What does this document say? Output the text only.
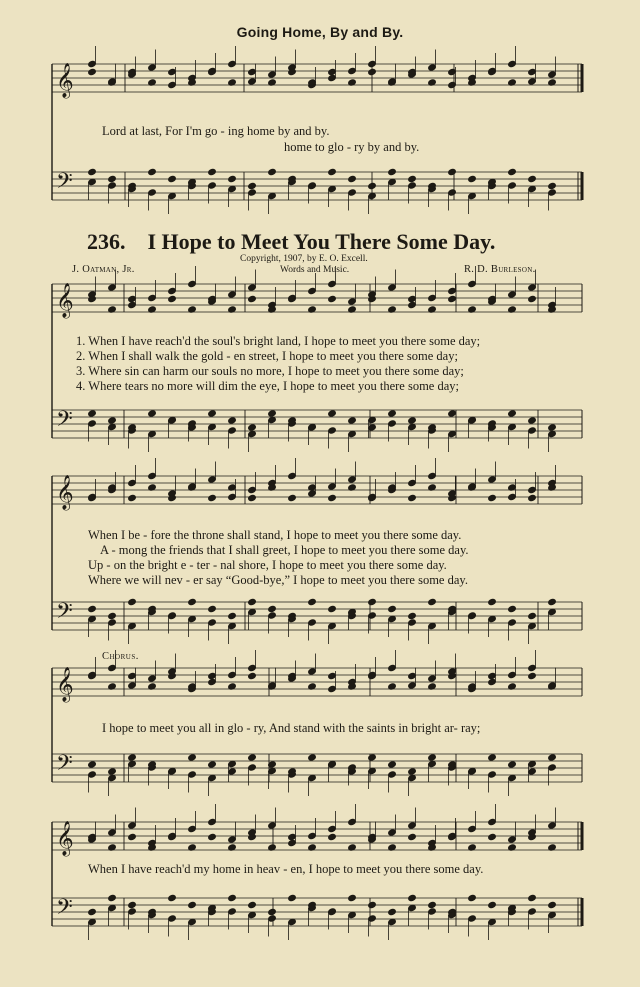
𝄞
𝄢
𝄞
𝄢
𝄞
𝄢
𝄞
𝄢
𝄞
𝄢
Going Home, By and By.
Lord at last, For I'm go - ing home by and by.
home to glo - ry by and by.
236. I Hope to Meet You There Some Day.
Copyright, 1907, by E. O. Excell.
Words and Music.
J. Oatman, Jr.	R. D. Burleson.
1. When I have reach'd the soul's bright land, I hope to meet you there some day;
2. When I shall walk the gold - en street, I hope to meet you there some day;
3. Where sin can harm our souls no more, I hope to meet you there some day;
4. Where tears no more will dim the eye, I hope to meet you there some day;
When I be - fore the throne shall stand, I hope to meet you there some day.
A - mong the friends that I shall greet, I hope to meet you there some day.
Up - on the bright e - ter - nal shore, I hope to meet you there some day.
Where we will nev - er say “Good-bye,” I hope to meet you there some day.
Chorus.
I hope to meet you all in glo - ry, And stand with the saints in bright ar- ray;
When I have reach'd my home in heav - en, I hope to meet you there some day.
